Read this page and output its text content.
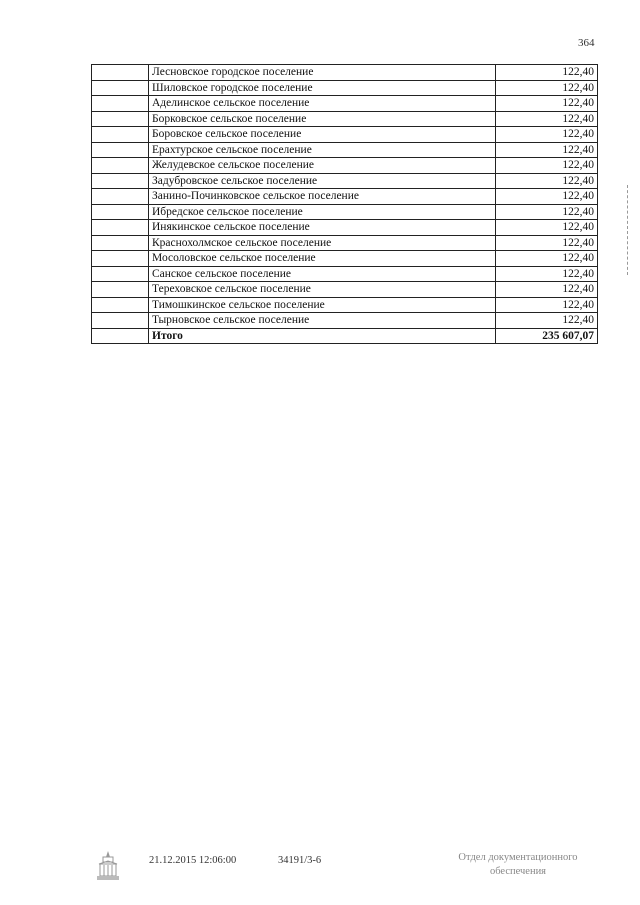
364
	Лесновское городское поселение	122,40
	Шиловское городское поселение	122,40
	Аделинское сельское поселение	122,40
	Борковское сельское поселение	122,40
	Боровское сельское поселение	122,40
	Ерахтурское сельское поселение	122,40
	Желудевское сельское поселение	122,40
	Задубровское сельское поселение	122,40
	Занино-Починковское сельское поселение	122,40
	Ибредское сельское поселение	122,40
	Инякинское сельское поселение	122,40
	Краснохолмское сельское поселение	122,40
	Мосоловское сельское поселение	122,40
	Санское сельское поселение	122,40
	Тереховское сельское поселение	122,40
	Тимошкинское сельское поселение	122,40
	Тырновское сельское поселение	122,40
	Итого	235 607,07
21.12.2015 12:06:00	34191/3-6	Отдел документационного
обеспечения
